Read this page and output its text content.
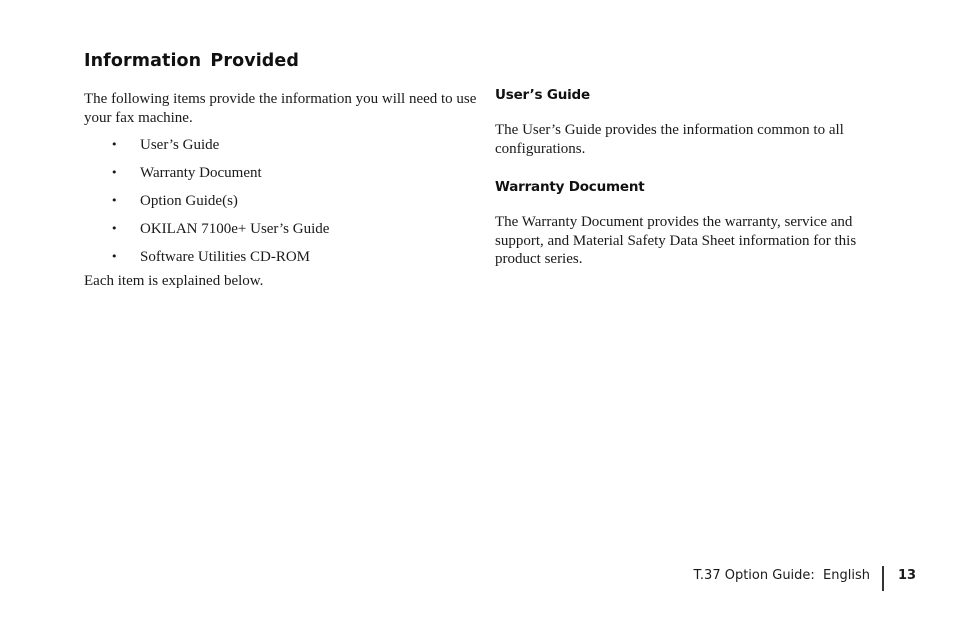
Information Provided
The following items provide the information you will need to use your fax machine.
• User’s Guide
• Warranty Document
• Option Guide(s)
• OKILAN 7100e+ User’s Guide
• Software Utilities CD-ROM
Each item is explained below.
User’s Guide
The User’s Guide provides the information common to all configurations.
Warranty Document
The Warranty Document provides the warranty, service and support, and Material Safety Data Sheet information for this product series.
T.37 Option Guide:  English 13
